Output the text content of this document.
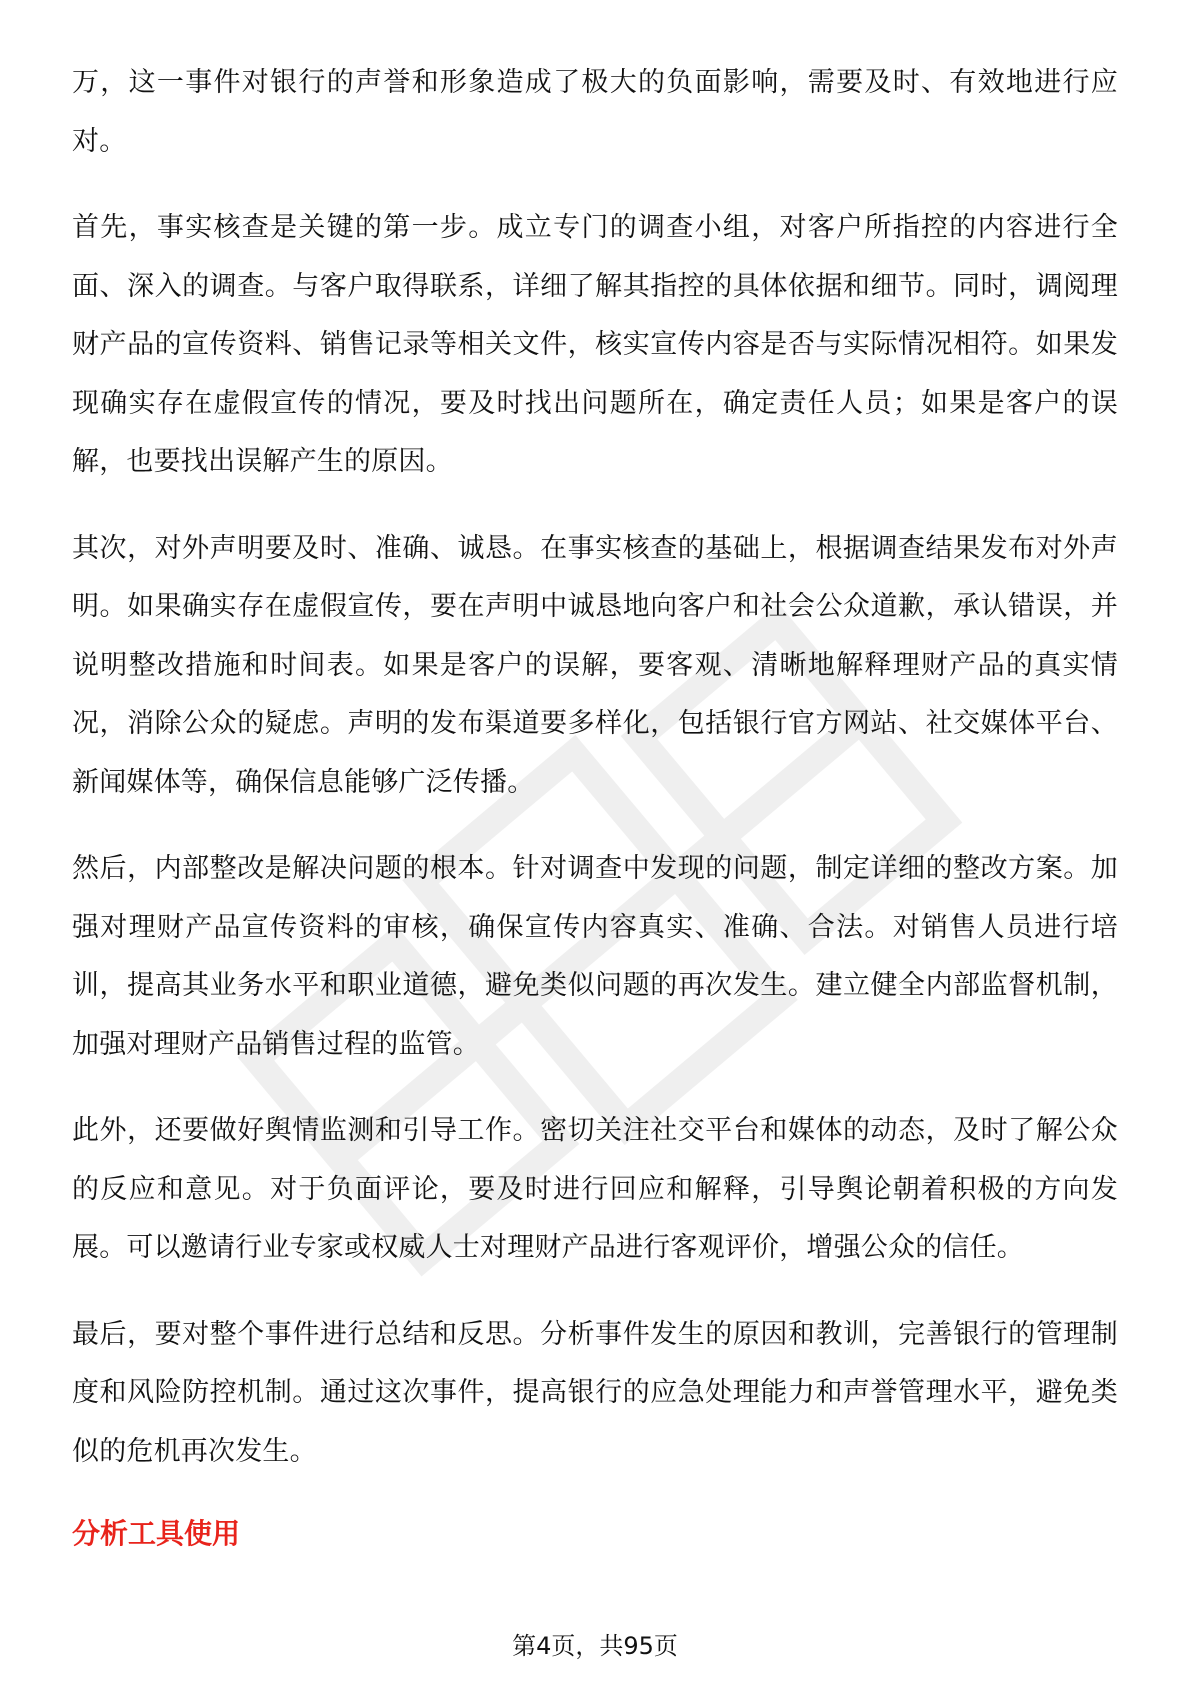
万，这一事件对银行的声誉和形象造成了极大的负面影响，需要及时、有效地进行应对。

首先，事实核查是关键的第一步。成立专门的调查小组，对客户所指控的内容进行全面、深入的调查。与客户取得联系，详细了解其指控的具体依据和细节。同时，调阅理财产品的宣传资料、销售记录等相关文件，核实宣传内容是否与实际情况相符。如果发现确实存在虚假宣传的情况，要及时找出问题所在，确定责任人员；如果是客户的误解，也要找出误解产生的原因。

其次，对外声明要及时、准确、诚恳。在事实核查的基础上，根据调查结果发布对外声明。如果确实存在虚假宣传，要在声明中诚恳地向客户和社会公众道歉，承认错误，并说明整改措施和时间表。如果是客户的误解，要客观、清晰地解释理财产品的真实情况，消除公众的疑虑。声明的发布渠道要多样化，包括银行官方网站、社交媒体平台、新闻媒体等，确保信息能够广泛传播。

然后，内部整改是解决问题的根本。针对调查中发现的问题，制定详细的整改方案。加强对理财产品宣传资料的审核，确保宣传内容真实、准确、合法。对销售人员进行培训，提高其业务水平和职业道德，避免类似问题的再次发生。建立健全内部监督机制，加强对理财产品销售过程的监管。

此外，还要做好舆情监测和引导工作。密切关注社交平台和媒体的动态，及时了解公众的反应和意见。对于负面评论，要及时进行回应和解释，引导舆论朝着积极的方向发展。可以邀请行业专家或权威人士对理财产品进行客观评价，增强公众的信任。

最后，要对整个事件进行总结和反思。分析事件发生的原因和教训，完善银行的管理制度和风险防控机制。通过这次事件，提高银行的应急处理能力和声誉管理水平，避免类似的危机再次发生。

分析工具使用
第4页，共95页
